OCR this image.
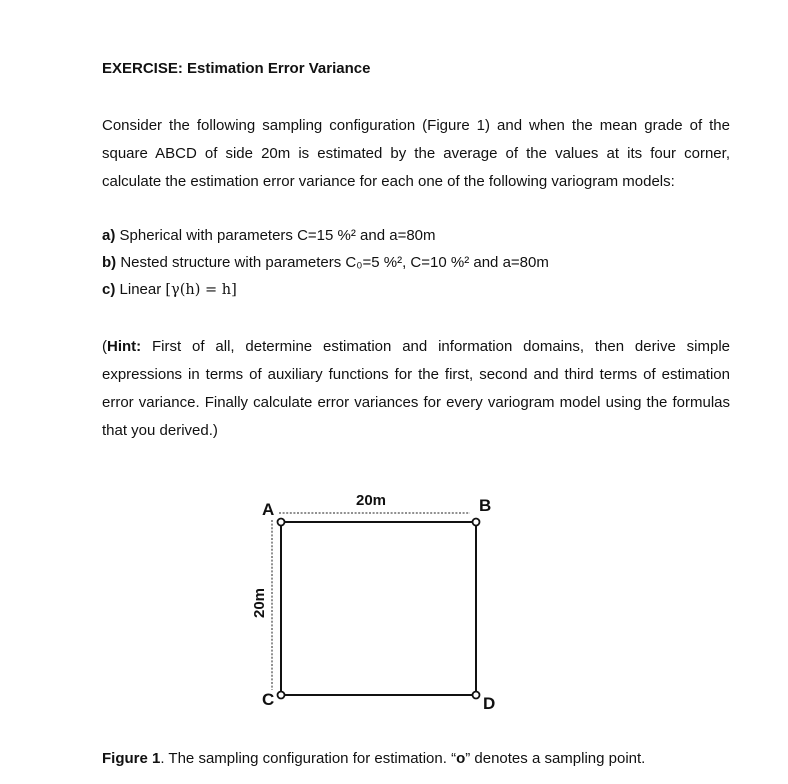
EXERCISE: Estimation Error Variance

Consider the following sampling configuration (Figure 1) and when the mean grade of the square ABCD of side 20m is estimated by the average of the values at its four corner, calculate the estimation error variance for each one of the following variogram models:

a) Spherical with parameters C=15 %² and a=80m
b) Nested structure with parameters C₀=5 %², C=10 %² and a=80m
c) Linear [γ(h) = h]

(Hint: First of all, determine estimation and information domains, then derive simple expressions in terms of auxiliary functions for the first, second and third terms of estimation error variance. Finally calculate error variances for every variogram model using the formulas that you derived.)

A	B
C	D
20m
20m
Figure 1. The sampling configuration for estimation. “o” denotes a sampling point.
